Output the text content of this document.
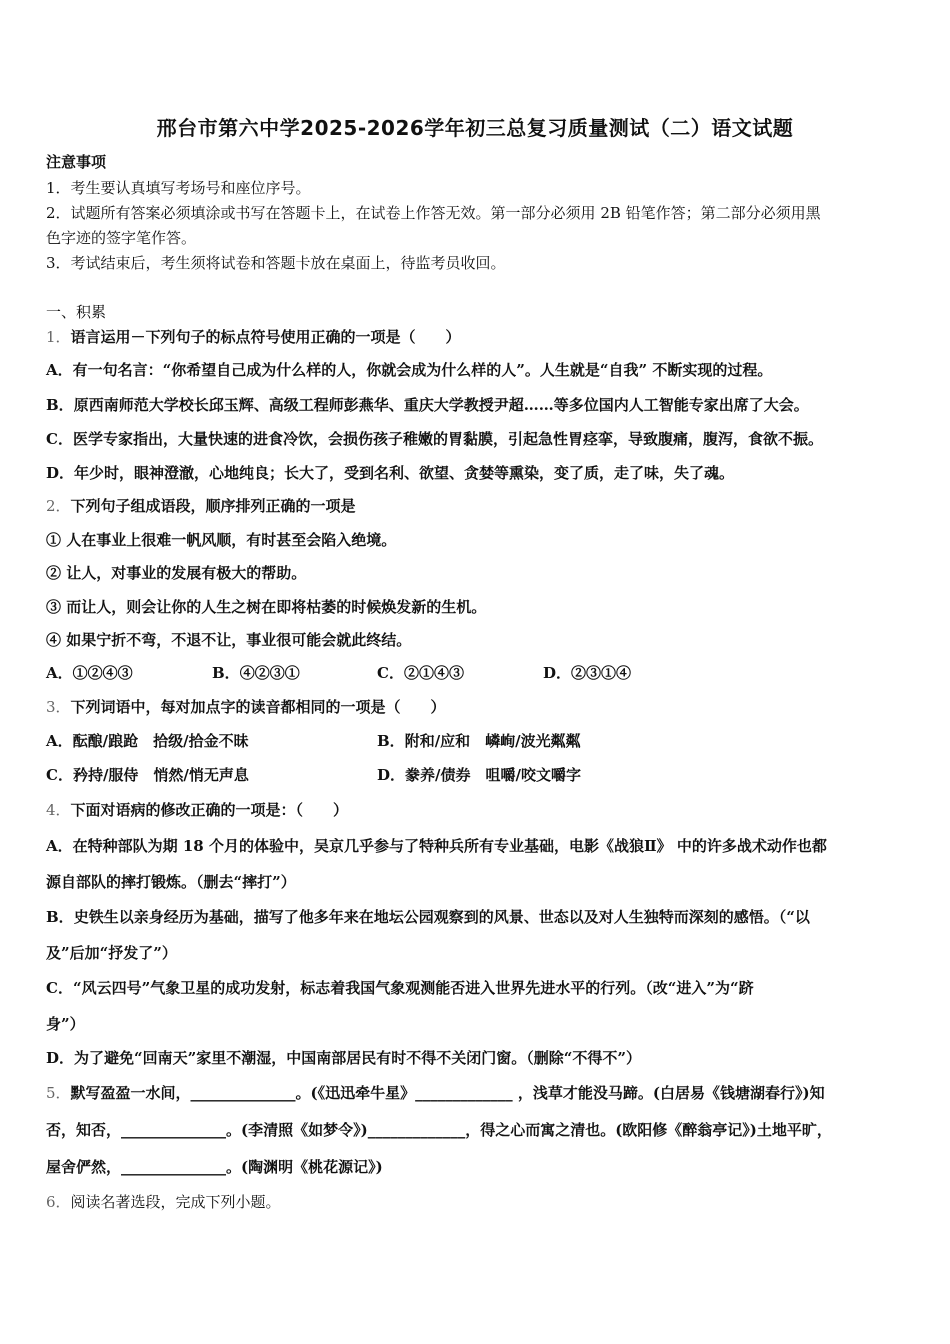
邢台市第六中学2025-2026学年初三总复习质量测试（二）语文试题
注意事项
1．考生要认真填写考场号和座位序号。
2．试题所有答案必须填涂或书写在答题卡上，在试卷上作答无效。第一部分必须用 2B 铅笔作答；第二部分必须用黑
色字迹的签字笔作答。
3．考试结束后，考生须将试卷和答题卡放在桌面上，待监考员收回。
一、积累
1．语言运用－下列句子的标点符号使用正确的一项是（　　）
A．有一句名言：“你希望自己成为什么样的人，你就会成为什么样的人”。人生就是“自我” 不断实现的过程。
B．原西南师范大学校长邱玉辉、高级工程师彭燕华、重庆大学教授尹超……等多位国内人工智能专家出席了大会。
C．医学专家指出，大量快速的进食冷饮，会损伤孩子稚嫩的胃黏膜，引起急性胃痉挛，导致腹痛，腹泻，食欲不振。
D．年少时，眼神澄澈，心地纯良；长大了，受到名利、欲望、贪婪等熏染，变了质，走了味，失了魂。
2．下列句子组成语段，顺序排列正确的一项是
① 人在事业上很难一帆风顺，有时甚至会陷入绝境。
② 让人，对事业的发展有极大的帮助。
③ 而让人，则会让你的人生之树在即将枯萎的时候焕发新的生机。
④ 如果宁折不弯，不退不让，事业很可能会就此终结。
A．①②④③	B．④②③①	C．②①④③	D．②③①④
3．下列词语中，每对加点字的读音都相同的一项是（　　）
A．酝酿/踉跄　拾级/拾金不昧	B．附和/应和　嶙峋/波光粼粼
C．矜持/服侍　悄然/悄无声息	D．豢养/债券　咀嚼/咬文嚼字
4．下面对语病的修改正确的一项是：（　　）
A．在特种部队为期 18 个月的体验中，吴京几乎参与了特种兵所有专业基础，电影《战狼Ⅱ》 中的许多战术动作也都
源自部队的摔打锻炼。（删去“摔打”）
B．史铁生以亲身经历为基础，描写了他多年来在地坛公园观察到的风景、世态以及对人生独特而深刻的感悟。（“以
及”后加“抒发了”）
C．“风云四号”气象卫星的成功发射，标志着我国气象观测能否进入世界先进水平的行列。（改“进入”为“跻
身”）
D．为了避免“回南天”家里不潮湿，中国南部居民有时不得不关闭门窗。（删除“不得不”）
5．默写盈盈一水间，______________。(《迅迅牵牛星》_____________ ，浅草才能没马蹄。(白居易《钱塘湖春行》)知
否，知否，______________。(李清照《如梦令》)_____________，得之心而寓之清也。(欧阳修《醉翁亭记》)土地平旷，
屋舍俨然，______________。(陶渊明《桃花源记》)
6．阅读名著选段，完成下列小题。
